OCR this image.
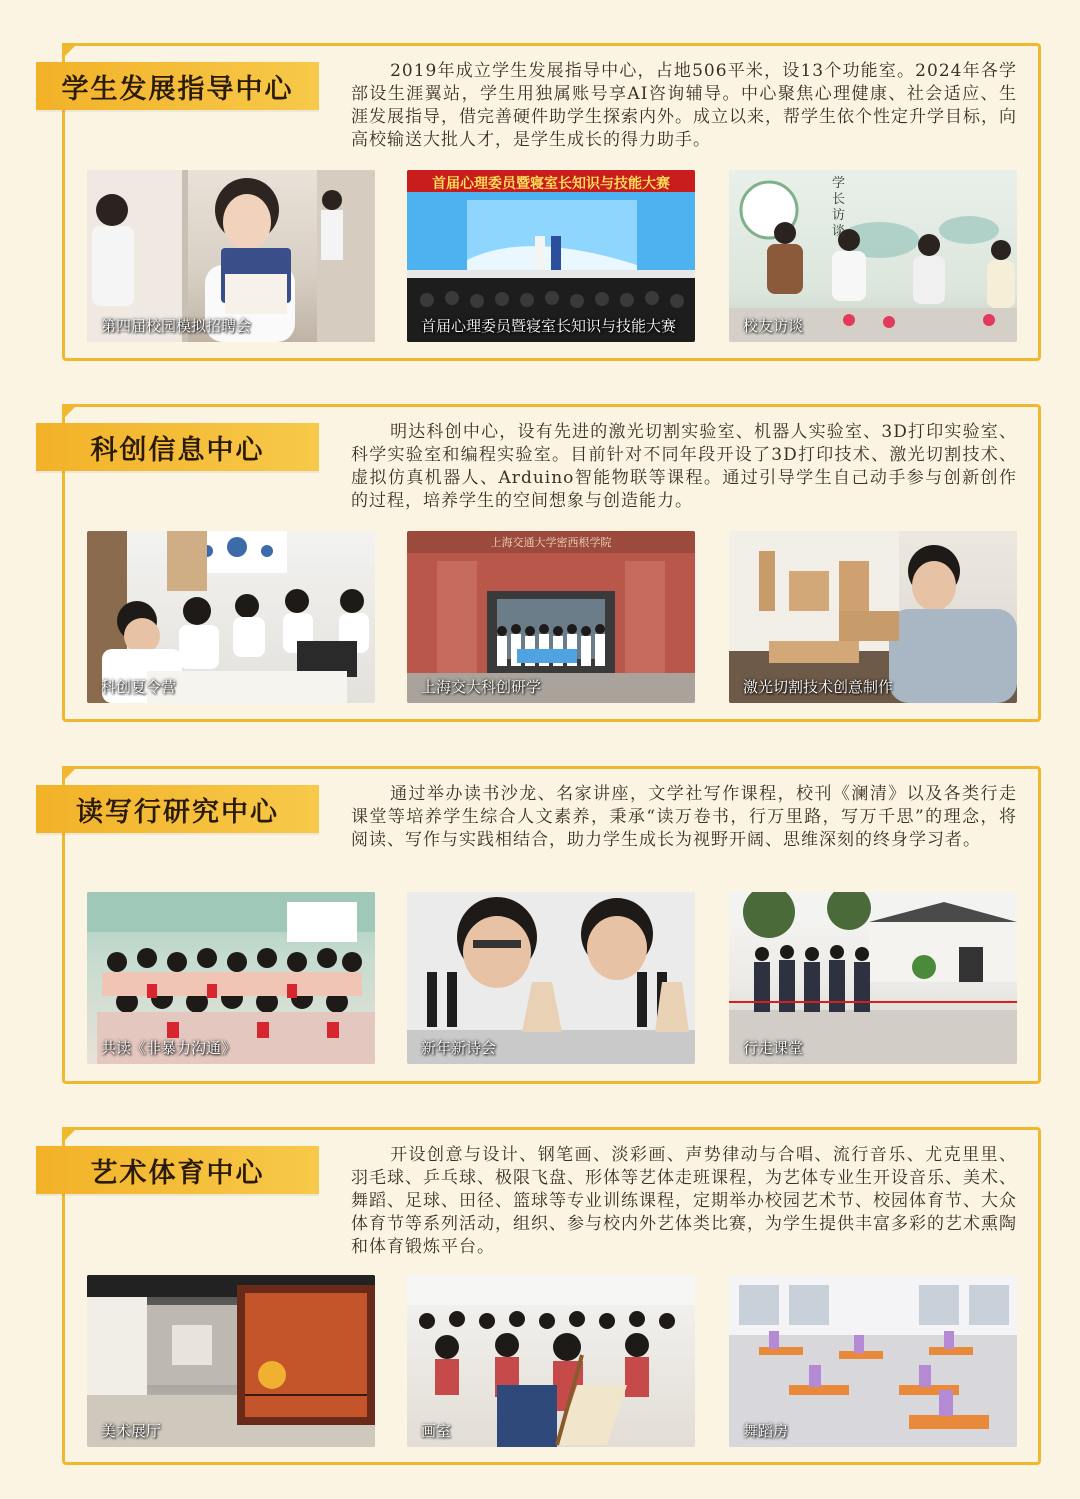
学生发展指导中心

2019年成立学生发展指导中心，占地506平米，设13个功能室。2024年各学部设生涯翼站，学生用独属账号享AI咨询辅导。中心聚焦心理健康、社会适应、生涯发展指导，借完善硬件助学生探索内外。成立以来，帮学生依个性定升学目标，向高校输送大批人才，是学生成长的得力助手。

第四届校园模拟招聘会
首届心理委员暨寝室长知识与技能大赛
首届心理委员暨寝室长知识与技能大赛
学长访谈
校友访谈
科创信息中心

明达科创中心，设有先进的激光切割实验室、机器人实验室、3D打印实验室、科学实验室和编程实验室。目前针对不同年段开设了3D打印技术、激光切割技术、虚拟仿真机器人、Arduino智能物联等课程。通过引导学生自己动手参与创新创作的过程，培养学生的空间想象与创造能力。

科创夏令营
上海交通大学密西根学院
上海交大科创研学	激光切割技术创意制作
读写行研究中心

通过举办读书沙龙、名家讲座，文学社写作课程，校刊《澜清》以及各类行走课堂等培养学生综合人文素养，秉承“读万卷书，行万里路，写万千思”的理念，将阅读、写作与实践相结合，助力学生成长为视野开阔、思维深刻的终身学习者。

共读《非暴力沟通》	新年新诗会	行走课堂
艺术体育中心

开设创意与设计、钢笔画、淡彩画、声势律动与合唱、流行音乐、尤克里里、羽毛球、乒乓球、极限飞盘、形体等艺体走班课程，为艺体专业生开设音乐、美术、舞蹈、足球、田径、篮球等专业训练课程，定期举办校园艺术节、校园体育节、大众体育节等系列活动，组织、参与校内外艺体类比赛，为学生提供丰富多彩的艺术熏陶和体育锻炼平台。

美术展厅	画室	舞蹈房
